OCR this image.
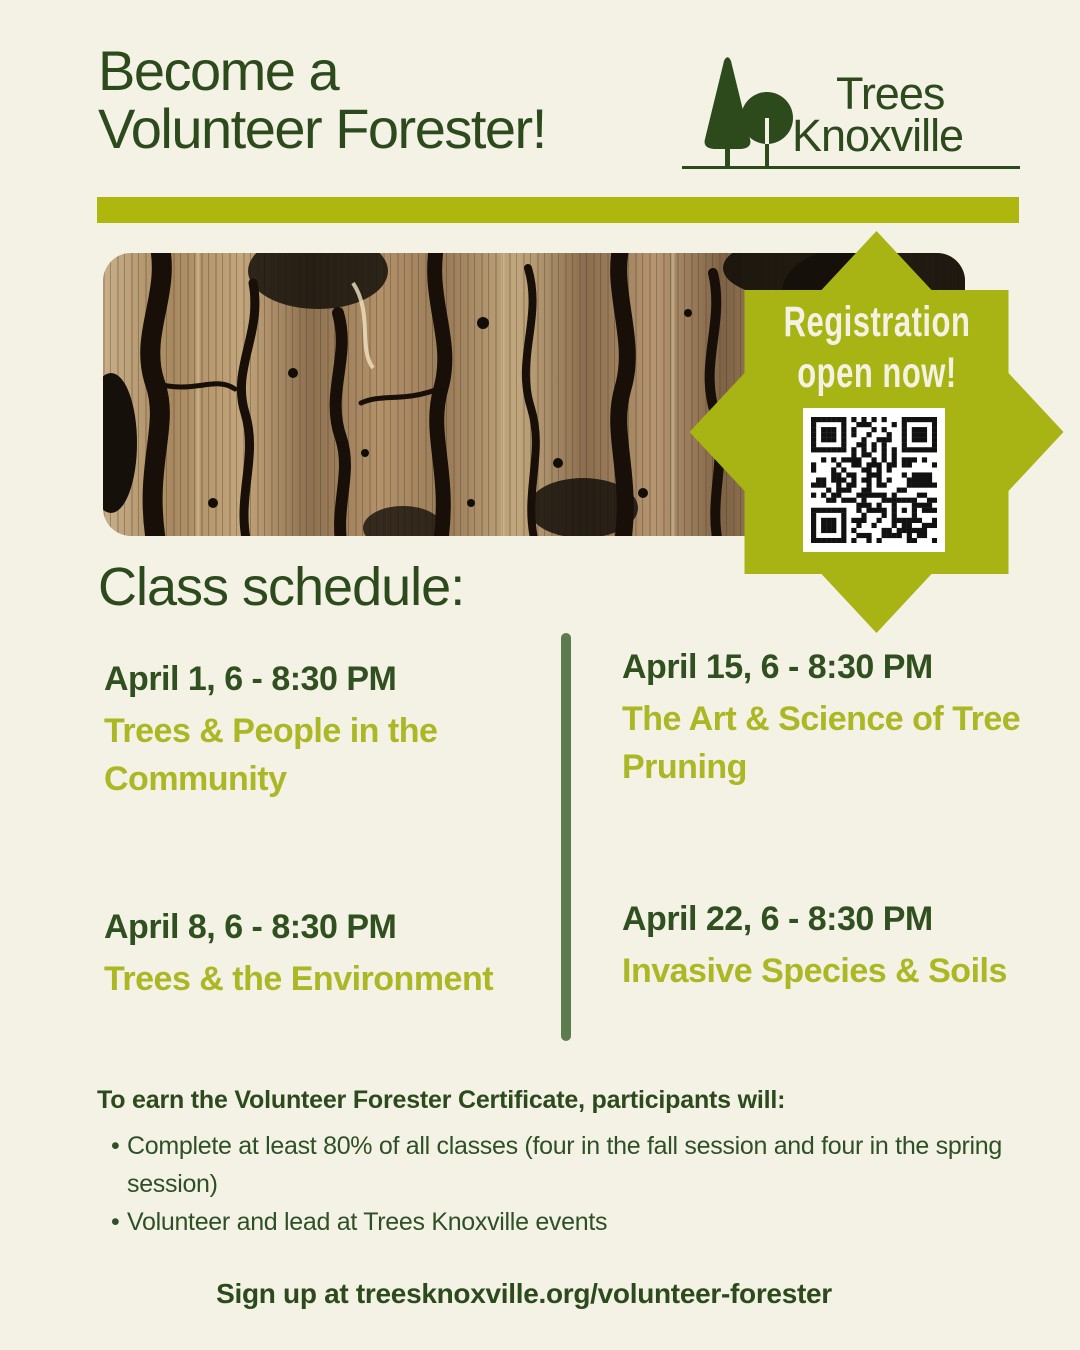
Become a
Volunteer Forester!
Trees
Knoxville
Registration
open now!
Class schedule:
April 1, 6 - 8:30 PM
Trees & People in the Community
April 8, 6 - 8:30 PM
Trees & the Environment
April 15, 6 - 8:30 PM
The Art & Science of Tree Pruning
April 22, 6 - 8:30 PM
Invasive Species & Soils
To earn the Volunteer Forester Certificate, participants will:
• Complete at least 80% of all classes (four in the fall session and four in the spring session)
• Volunteer and lead at Trees Knoxville events
Sign up at treesknoxville.org/volunteer-forester
